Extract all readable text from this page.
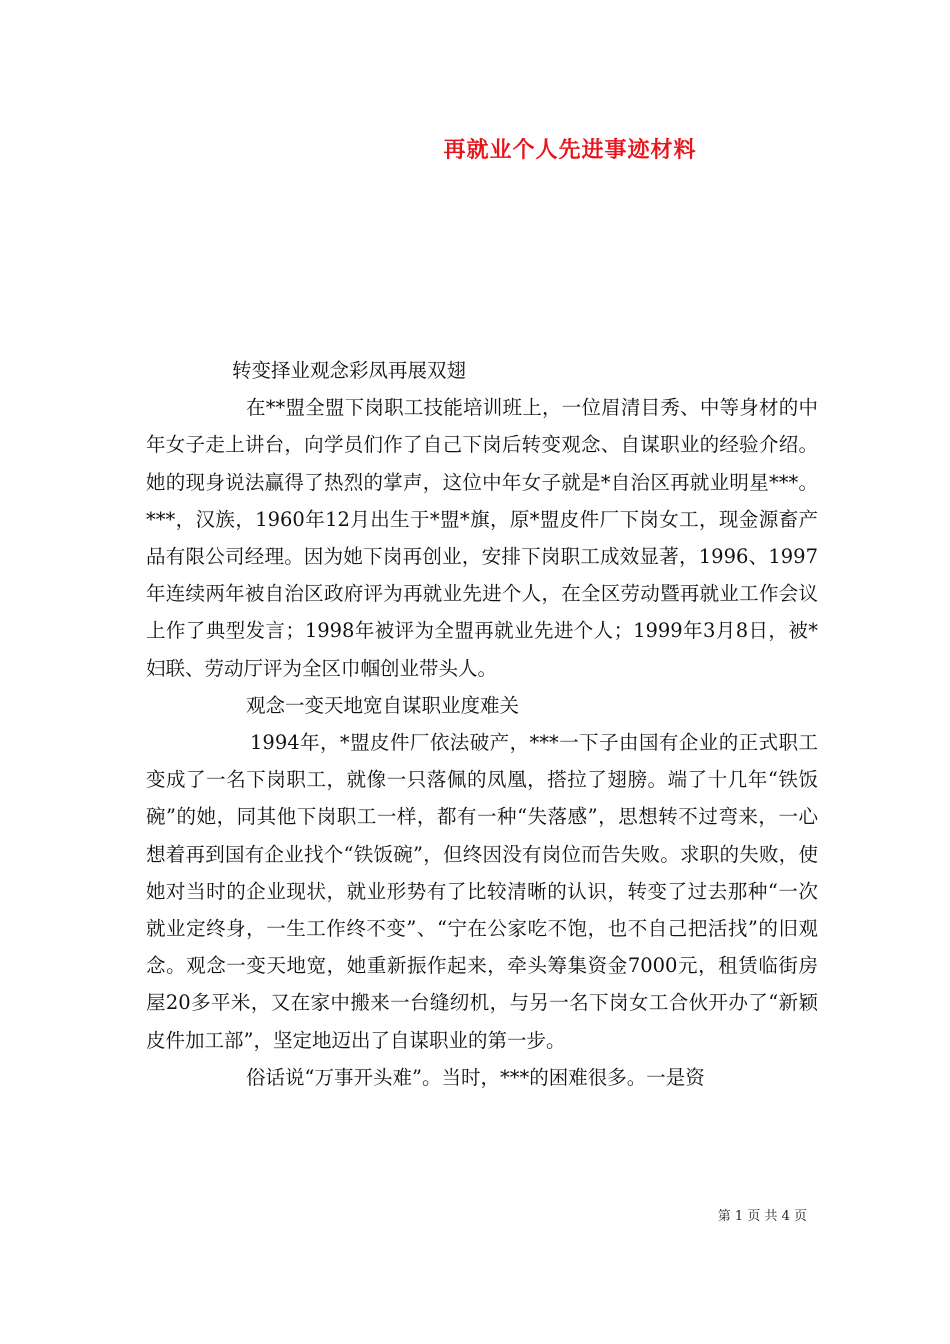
再就业个人先进事迹材料

转变择业观念彩凤再展双翅

在**盟全盟下岗职工技能培训班上，一位眉清目秀、中等身材的中年女子走上讲台，向学员们作了自己下岗后转变观念、自谋职业的经验介绍。她的现身说法赢得了热烈的掌声，这位中年女子就是*自治区再就业明星***。***，汉族，1960年12月出生于*盟*旗，原*盟皮件厂下岗女工，现金源畜产品有限公司经理。因为她下岗再创业，安排下岗职工成效显著，1996、1997年连续两年被自治区政府评为再就业先进个人，在全区劳动暨再就业工作会议上作了典型发言；1998年被评为全盟再就业先进个人；1999年3月8日，被*妇联、劳动厅评为全区巾帼创业带头人。

观念一变天地宽自谋职业度难关

1994年，*盟皮件厂依法破产，***一下子由国有企业的正式职工变成了一名下岗职工，就像一只落佩的凤凰，搭拉了翅膀。端了十几年“铁饭碗”的她，同其他下岗职工一样，都有一种“失落感”，思想转不过弯来，一心想着再到国有企业找个“铁饭碗”，但终因没有岗位而告失败。求职的失败，使她对当时的企业现状，就业形势有了比较清晰的认识，转变了过去那种“一次就业定终身，一生工作终不变”、“宁在公家吃不饱，也不自己把活找”的旧观念。观念一变天地宽，她重新振作起来，牵头筹集资金7000元，租赁临街房屋20多平米，又在家中搬来一台缝纫机，与另一名下岗女工合伙开办了“新颖皮件加工部”，坚定地迈出了自谋职业的第一步。

俗话说“万事开头难”。当时，***的困难很多。一是资

第 1 页 共 4 页
